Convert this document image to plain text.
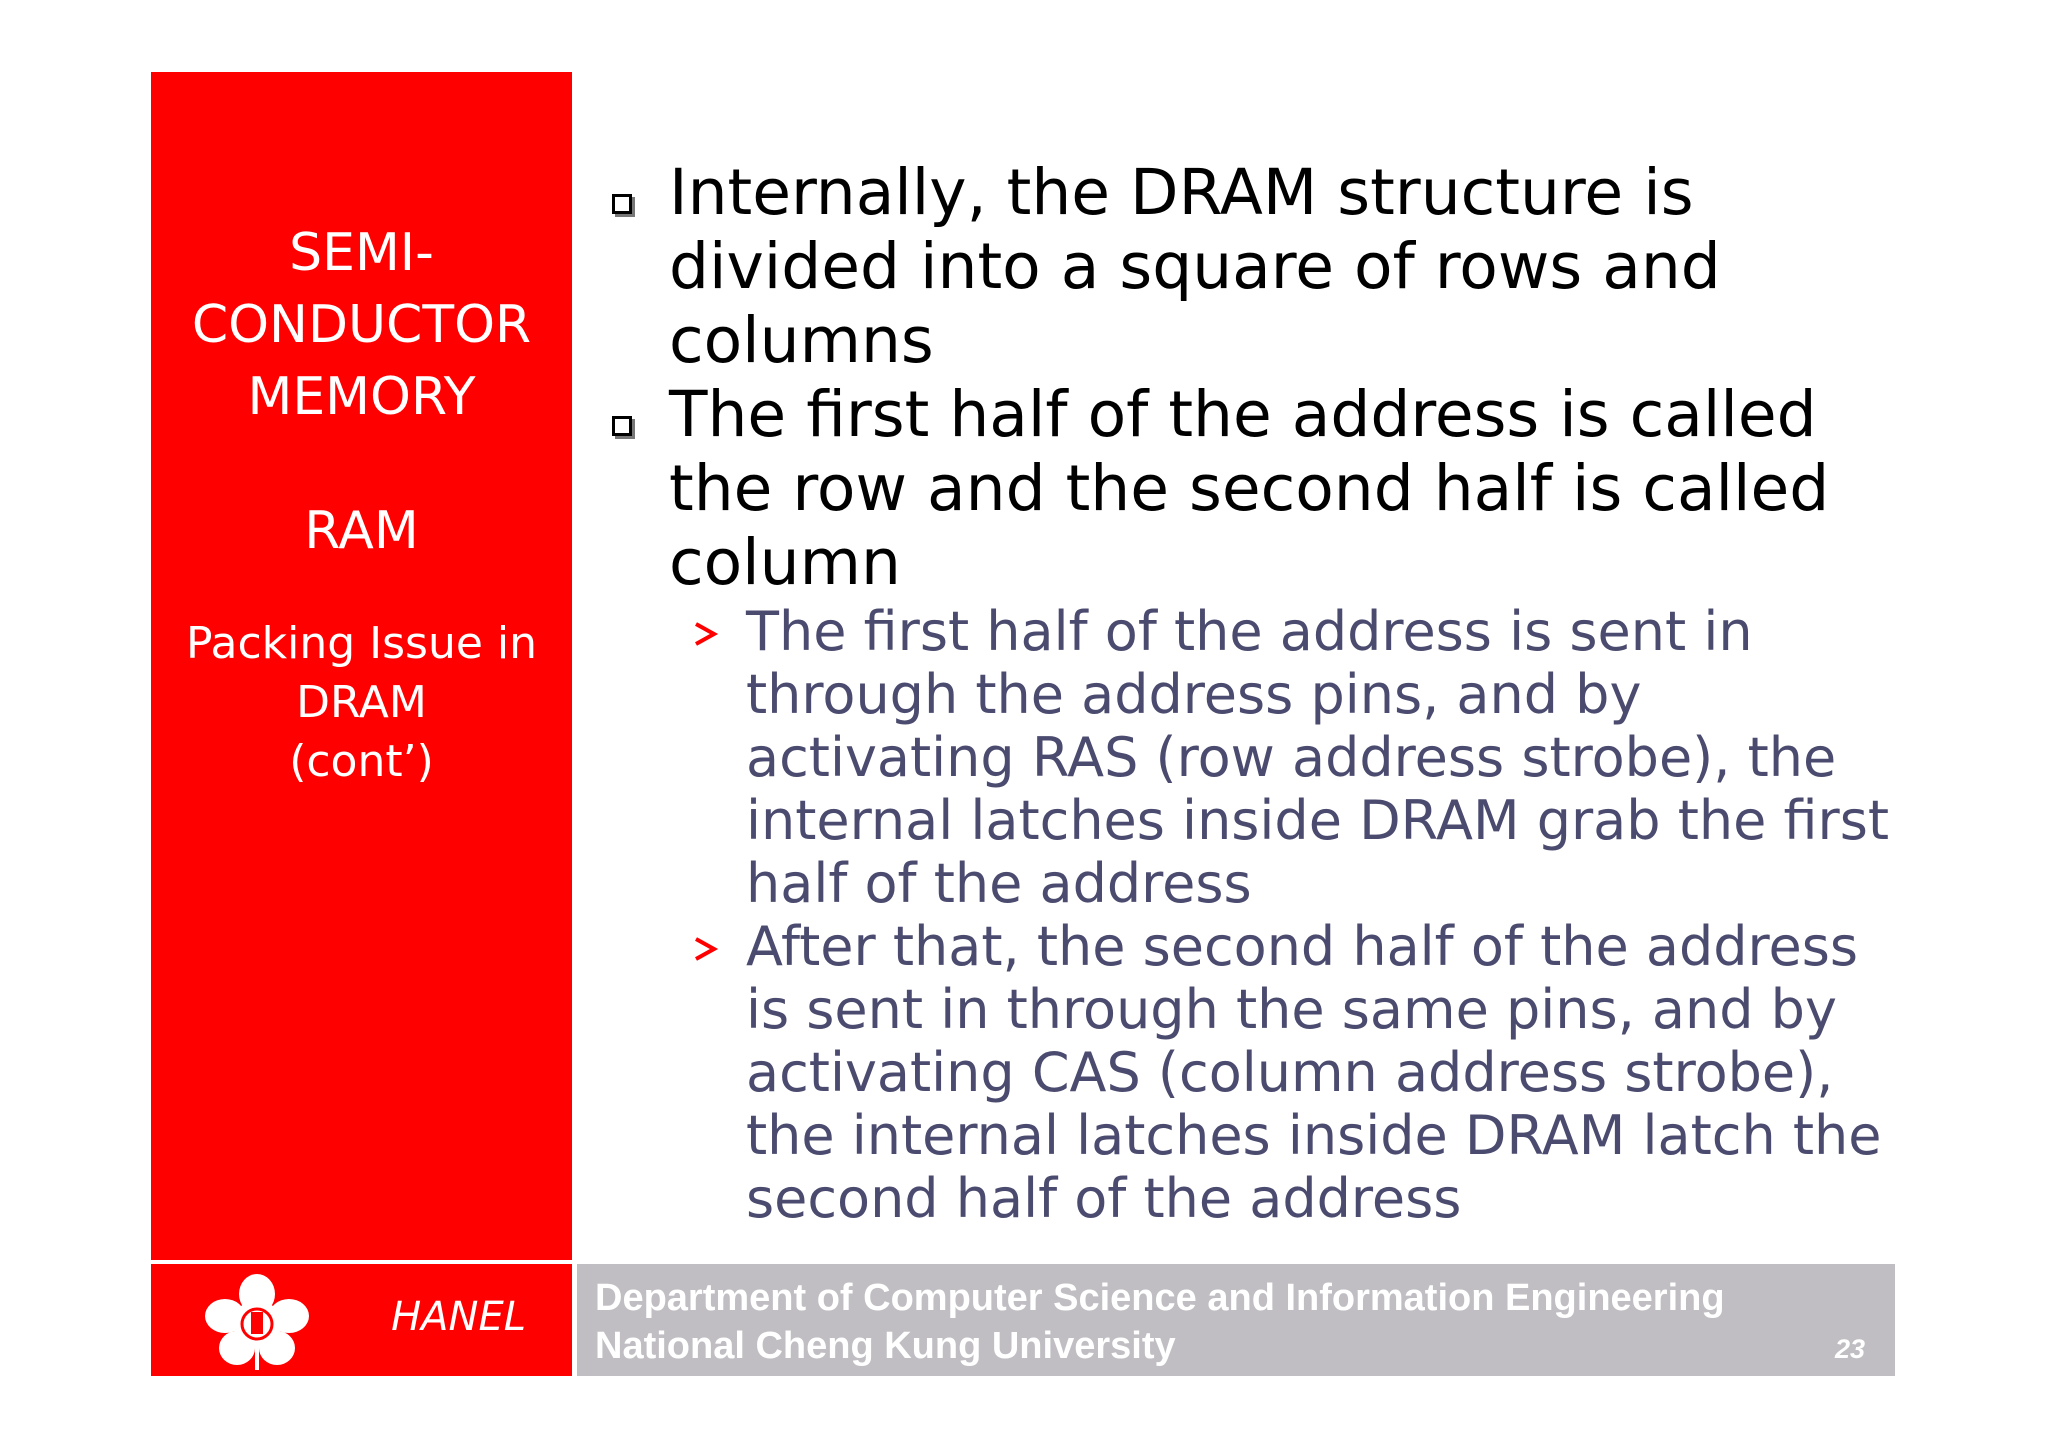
SEMI-
CONDUCTOR
MEMORY
RAM
Packing Issue in
DRAM
(cont’)
Internally, the DRAM structure is divided into a square of rows and columns
The first half of the address is called the row and the second half is called column
The first half of the address is sent in through the address pins, and by activating RAS (row address strobe), the internal latches inside DRAM grab the first half of the address
After that, the second half of the address is sent in through the same pins, and by activating CAS (column address strobe), the internal latches inside DRAM latch the second half of the address
HANEL Department of Computer Science and Information Engineering
National Cheng Kung University	23
